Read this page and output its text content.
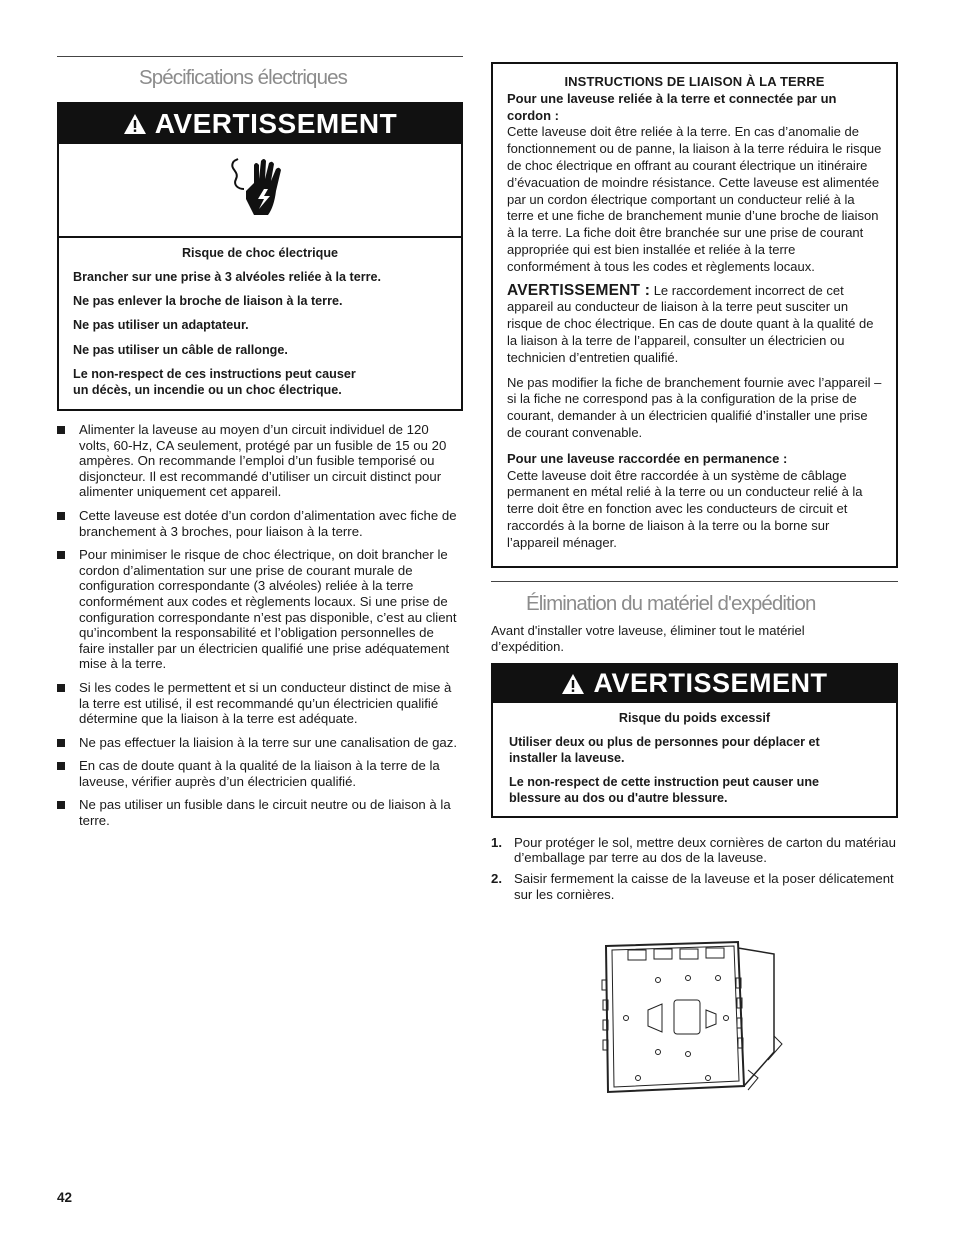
Spécifications électriques
AVERTISSEMENT

Risque de choc électrique

Brancher sur une prise à 3 alvéoles reliée à la terre.

Ne pas enlever la broche de liaison à la terre.

Ne pas utiliser un adaptateur.

Ne pas utiliser un câble de rallonge.

Le non-respect de ces instructions peut causer
un décès, un incendie ou un choc électrique.

Alimenter la laveuse au moyen d’un circuit individuel de 120 volts, 60-Hz, CA seulement, protégé par un fusible de 15 ou 20 ampères. On recommande l’emploi d’un fusible temporisé ou disjoncteur. Il est recommandé d’utiliser un circuit distinct pour alimenter uniquement cet appareil.
Cette laveuse est dotée d’un cordon d’alimentation avec fiche de branchement à 3 broches, pour liaison à la terre.
Pour minimiser le risque de choc électrique, on doit brancher le cordon d’alimentation sur une prise de courant murale de configuration correspondante (3 alvéoles) reliée à la terre conformément aux codes et règlements locaux. Si une prise de configuration correspondante n’est pas disponible, c’est au client qu’incombent la responsabilité et l’obligation personnelles de faire installer par un électricien qualifié une prise adéquatement mise à la terre.
Si les codes le permettent et si un conducteur distinct de mise à la terre est utilisé, il est recommandé qu’un électricien qualifié détermine que la liaison à la terre est adéquate.
Ne pas effectuer la liaision à la terre sur une canalisation de gaz.
En cas de doute quant à la qualité de la liaison à la terre de la laveuse, vérifier auprès d’un électricien qualifié.
Ne pas utiliser un fusible dans le circuit neutre ou de liaison à la terre.

INSTRUCTIONS DE LIAISON À LA TERRE

Pour une laveuse reliée à la terre et connectée par un cordon :

Cette laveuse doit être reliée à la terre. En cas d’anomalie de fonctionnement ou de panne, la liaison à la terre réduira le risque de choc électrique en offrant au courant électrique un itinéraire d’évacuation de moindre résistance. Cette laveuse est alimentée par un cordon électrique comportant un conducteur relié à la terre et une fiche de branchement munie d’une broche de liaison à la terre. La fiche doit être branchée sur une prise de courant appropriée qui est bien installée et reliée à la terre conformément à tous les codes et règlements locaux.

AVERTISSEMENT : Le raccordement incorrect de cet appareil au conducteur de liaison à la terre peut susciter un risque de choc électrique. En cas de doute quant à la qualité de la liaison à la terre de l’appareil, consulter un électricien ou technicien d’entretien qualifié.

Ne pas modifier la fiche de branchement fournie avec l’appareil – si la fiche ne correspond pas à la configuration de la prise de courant, demander à un électricien qualifié d’installer une prise de courant convenable.

Pour une laveuse raccordée en permanence :

Cette laveuse doit être raccordée à un système de câblage permanent en métal relié à la terre ou un conducteur relié à la terre doit être en fonction avec les conducteurs de circuit et raccordés à la borne de liaison à la terre ou la borne sur l’appareil ménager.

Élimination du matériel d'expédition

Avant d'installer votre laveuse, éliminer tout le matériel d’expédition.

AVERTISSEMENT

Risque du poids excessif

Utiliser deux ou plus de personnes pour déplacer et installer la laveuse.

Le non-respect de cette instruction peut causer une blessure au dos ou d'autre blessure.

1. Pour protéger le sol, mettre deux cornières de carton du matériau d’emballage par terre au dos de la laveuse.
2. Saisir fermement la caisse de la laveuse et la poser délicatement sur les cornières.
42
